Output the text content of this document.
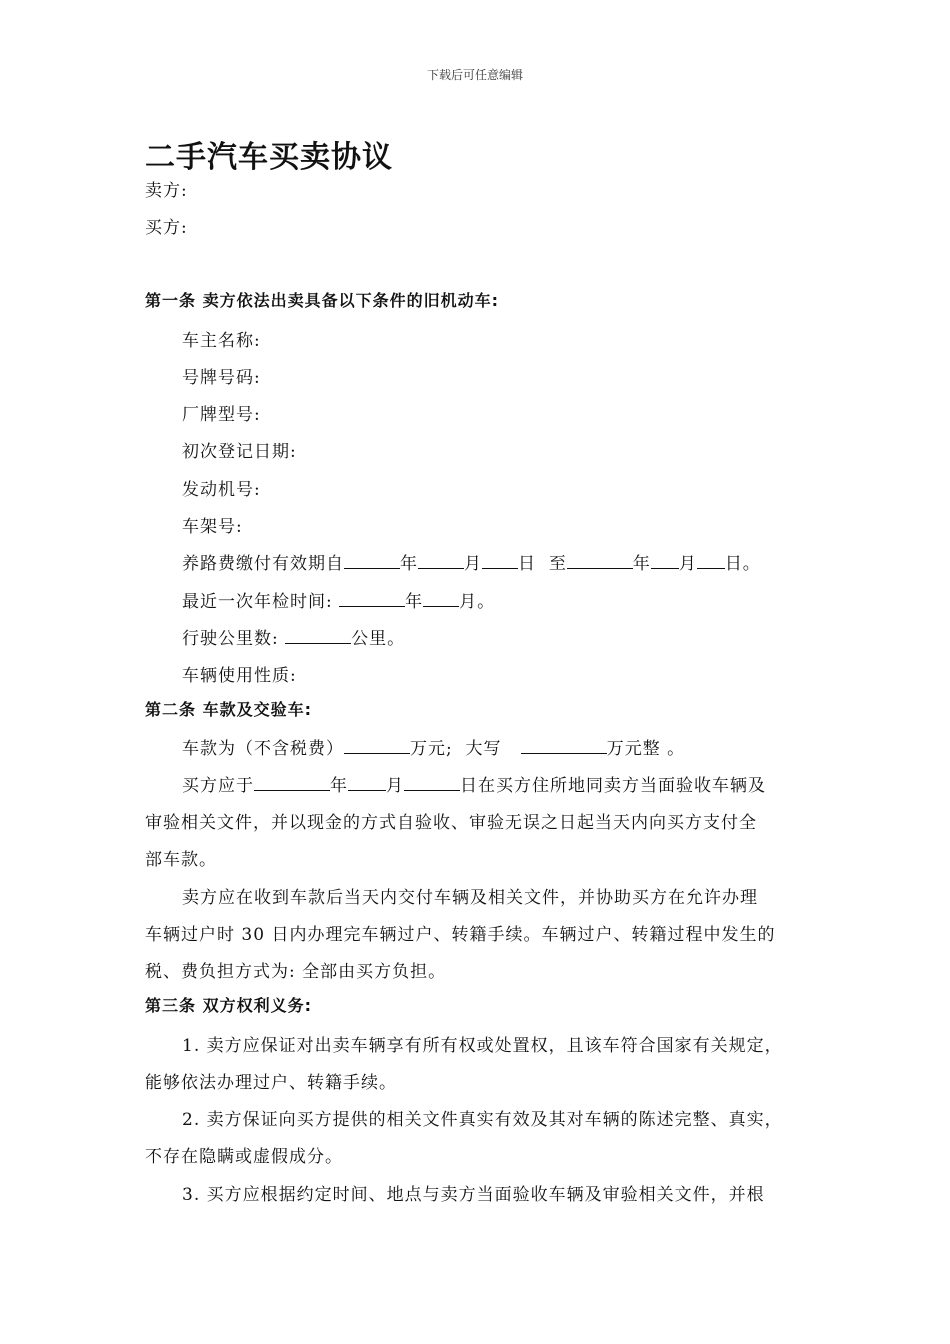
下载后可任意编辑
二手汽车买卖协议
卖方:
买方:
第一条 卖方依法出卖具备以下条件的旧机动车:
车主名称:
号牌号码:
厂牌型号:
初次登记日期:
发动机号:
车架号:
养路费缴付有效期自	年	月 日 至	年 月 日。
最近一次年检时间:	年 月。
行驶公里数:	公里。
车辆使用性质:
第二条 车款及交验车:
车款为（不含税费）	万元; 大写	万元整 。
买方应于	年 月	日在买方住所地同卖方当面验收车辆及
审验相关文件，并以现金的方式自验收、审验无误之日起当天内向买方支付全
部车款。
卖方应在收到车款后当天内交付车辆及相关文件，并协助买方在允许办理
车辆过户时 30 日内办理完车辆过户、转籍手续。车辆过户、转籍过程中发生的
税、费负担方式为: 全部由买方负担。
第三条 双方权利义务:
1. 卖方应保证对出卖车辆享有所有权或处置权，且该车符合国家有关规定，
能够依法办理过户、转籍手续。
2. 卖方保证向买方提供的相关文件真实有效及其对车辆的陈述完整、真实，
不存在隐瞒或虚假成分。
3. 买方应根据约定时间、地点与卖方当面验收车辆及审验相关文件，并根
